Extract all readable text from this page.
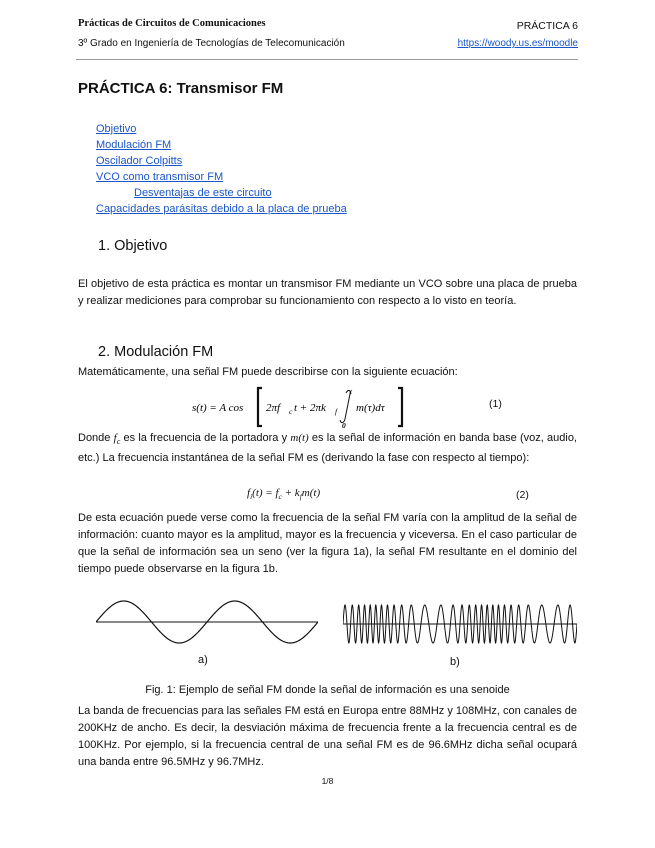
Prácticas de Circuitos de Comunicaciones
3º Grado en Ingeniería de Tecnologías de Telecomunicación
PRÁCTICA 6
https://woody.us.es/moodle
PRÁCTICA 6: Transmisor FM
Objetivo
Modulación FM
Oscilador Colpitts
VCO como transmisor FM
Desventajas de este circuito
Capacidades parásitas debido a la placa de prueba
1. Objetivo
El objetivo de esta práctica es montar un transmisor FM mediante un VCO sobre una placa de prueba y realizar mediciones para comprobar su funcionamiento con respecto a lo visto en teoría.
2. Modulación FM
Matemáticamente, una señal FM puede describirse con la siguiente ecuación:
s(t) = A cos 2πf c t + 2πk f
t
0
m(τ)dτ	(1)
Donde $f_c$ es la frecuencia de la portadora y m(t) es la señal de información en banda base (voz, audio, etc.) La frecuencia instantánea de la señal FM es (derivando la fase con respecto al tiempo):
$f_i(t) = f_c + k_fm(t)$	(2)
De esta ecuación puede verse como la frecuencia de la señal FM varía con la amplitud de la señal de información: cuanto mayor es la amplitud, mayor es la frecuencia y viceversa. En el caso particular de que la señal de información sea un seno (ver la figura 1a), la señal FM resultante en el dominio del tiempo puede observarse en la figura 1b.
a)	b)
Fig. 1: Ejemplo de señal FM donde la señal de información es una senoide
La banda de frecuencias para las señales FM está en Europa entre 88MHz y 108MHz, con canales de 200KHz de ancho. Es decir, la desviación máxima de frecuencia frente a la frecuencia central es de 100KHz. Por ejemplo, si la frecuencia central de una señal FM es de 96.6MHz dicha señal ocupará una banda entre 96.5MHz y 96.7MHz.
1/8
